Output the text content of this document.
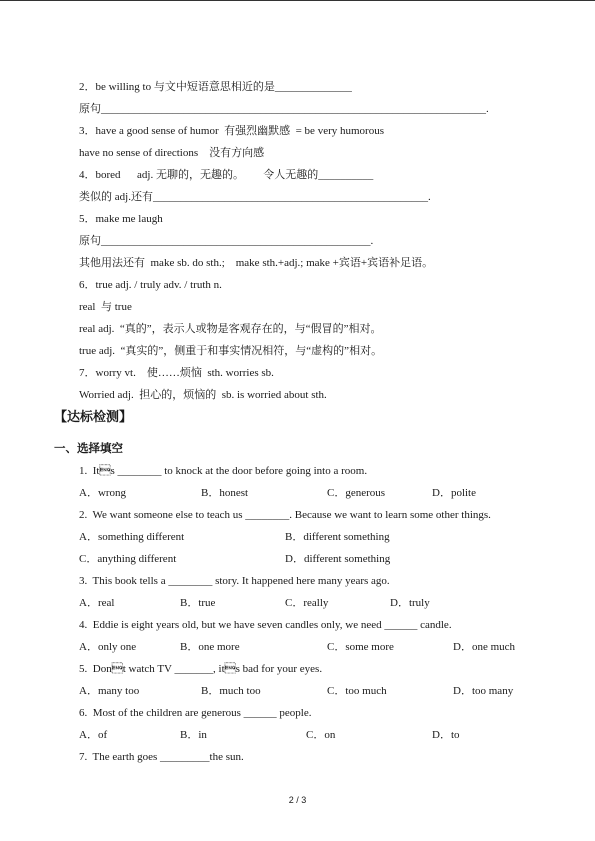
2．be willing to 与文中短语意思相近的是______________
原句______________________________________________________________________.
3．have a good sense of humor  有强烈幽默感  = be very humorous
have no sense of directions    没有方向感
4．bored      adj. 无聊的，无趣的。       令人无趣的__________
类似的 adj.还有__________________________________________________.
5．make me laugh
原句_________________________________________________.
其他用法还有  make sb. do sth.;    make sth.+adj.; make +宾语+宾语补足语。
6．true adj. / truly adv. / truth n.
real  与 true
real adj.  “真的”，表示人或物是客观存在的，与“假冒的”相对。
true adj.  “真实的”，侧重于和事实情况相符，与“虚构的”相对。
7．worry vt.    使……烦恼  sth. worries sb.
Worried adj.  担心的，烦恼的  sb. is worried about sth.
【达标检测】
一、选择填空
1.  Its ________ to knock at the door before going into a room.
A．wrong	B．honest	C．generous	D．polite
2.  We want someone else to teach us ________. Because we want to learn some other things.
A．something different	B．different something
C．anything different	D．different something
3.  This book tells a ________ story. It happened here many years ago.
A．real	B．true	C．really	D．truly
4.  Eddie is eight years old, but we have seven candles only, we need ______ candle.
A．only one	B．one more	C．some more	D．one much
5.  Dont watch TV _______, its bad for your eyes.
A．many too	B．much too	C．too much	D．too many
6.  Most of the children are generous ______ people.
A．of	B．in	C．on	D．to
7.  The earth goes _________the sun.
2 / 3
